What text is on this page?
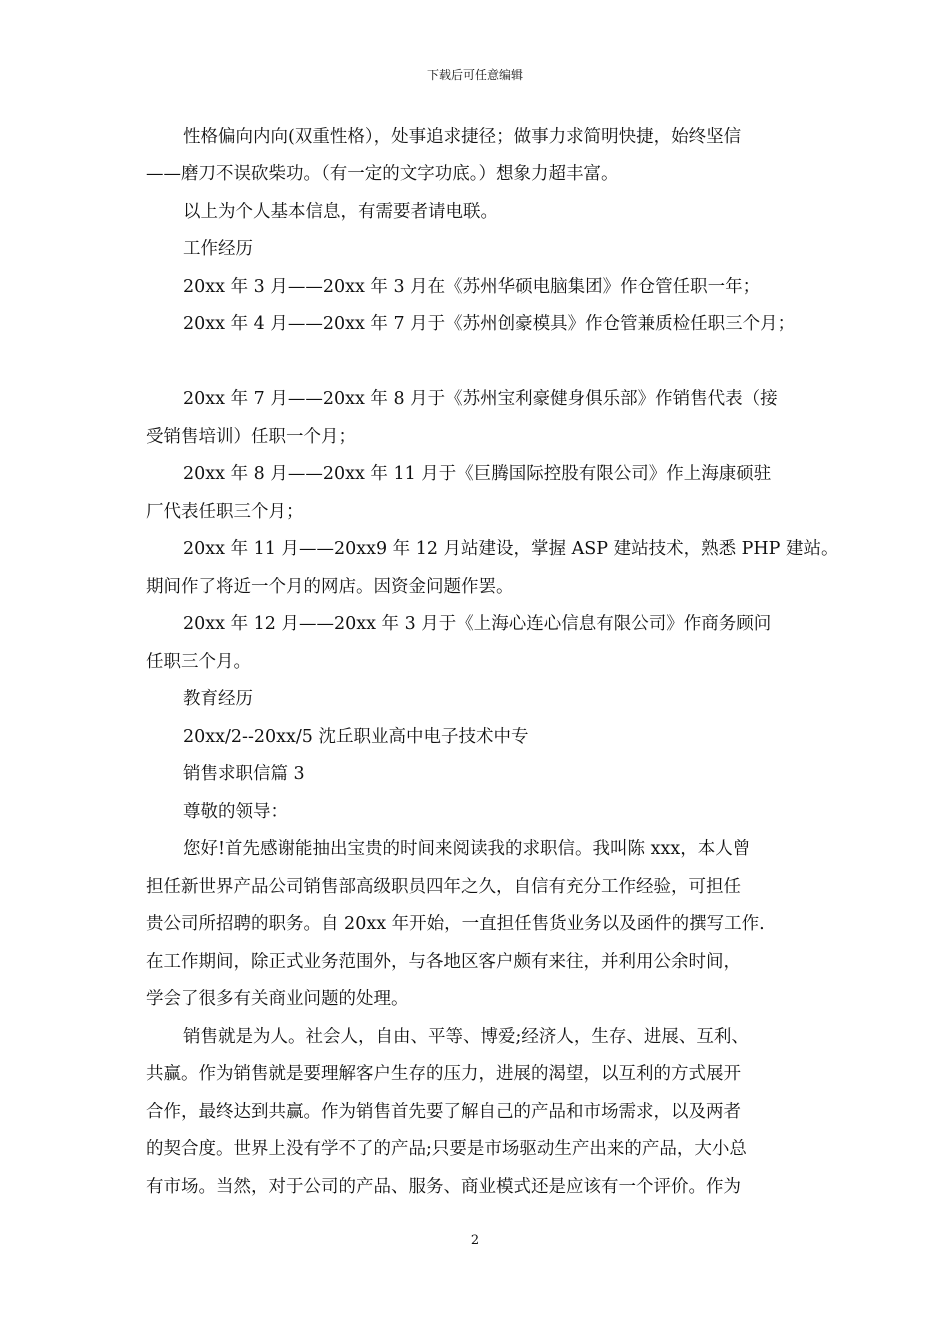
下载后可任意编辑
性格偏向内向(双重性格），处事追求捷径；做事力求简明快捷，始终坚信
——磨刀不误砍柴功。（有一定的文字功底。）想象力超丰富。
以上为个人基本信息，有需要者请电联。
工作经历
20xx 年 3 月——20xx 年 3 月在《苏州华硕电脑集团》作仓管任职一年；
20xx 年 4 月——20xx 年 7 月于《苏州创豪模具》作仓管兼质检任职三个月；
20xx 年 7 月——20xx 年 8 月于《苏州宝利豪健身俱乐部》作销售代表（接
受销售培训）任职一个月；
20xx 年 8 月——20xx 年 11 月于《巨腾国际控股有限公司》作上海康硕驻
厂代表任职三个月；
20xx 年 11 月——20xx9 年 12 月站建设，掌握 ASP 建站技术，熟悉 PHP 建站。
期间作了将近一个月的网店。因资金问题作罢。
20xx 年 12 月——20xx 年 3 月于《上海心连心信息有限公司》作商务顾问
任职三个月。
教育经历
20xx/2--20xx/5 沈丘职业高中电子技术中专
销售求职信篇 3
尊敬的领导：
您好!首先感谢能抽出宝贵的时间来阅读我的求职信。我叫陈 xxx，本人曾
担任新世界产品公司销售部高级职员四年之久，自信有充分工作经验，可担任
贵公司所招聘的职务。自 20xx 年开始，一直担任售货业务以及函件的撰写工作.
在工作期间，除正式业务范围外，与各地区客户颇有来往，并利用公余时间，
学会了很多有关商业问题的处理。
销售就是为人。社会人，自由、平等、博爱;经济人，生存、进展、互利、
共赢。作为销售就是要理解客户生存的压力，进展的渴望，以互利的方式展开
合作，最终达到共赢。作为销售首先要了解自己的产品和市场需求，以及两者
的契合度。世界上没有学不了的产品;只要是市场驱动生产出来的产品，大小总
有市场。当然，对于公司的产品、服务、商业模式还是应该有一个评价。作为
2
